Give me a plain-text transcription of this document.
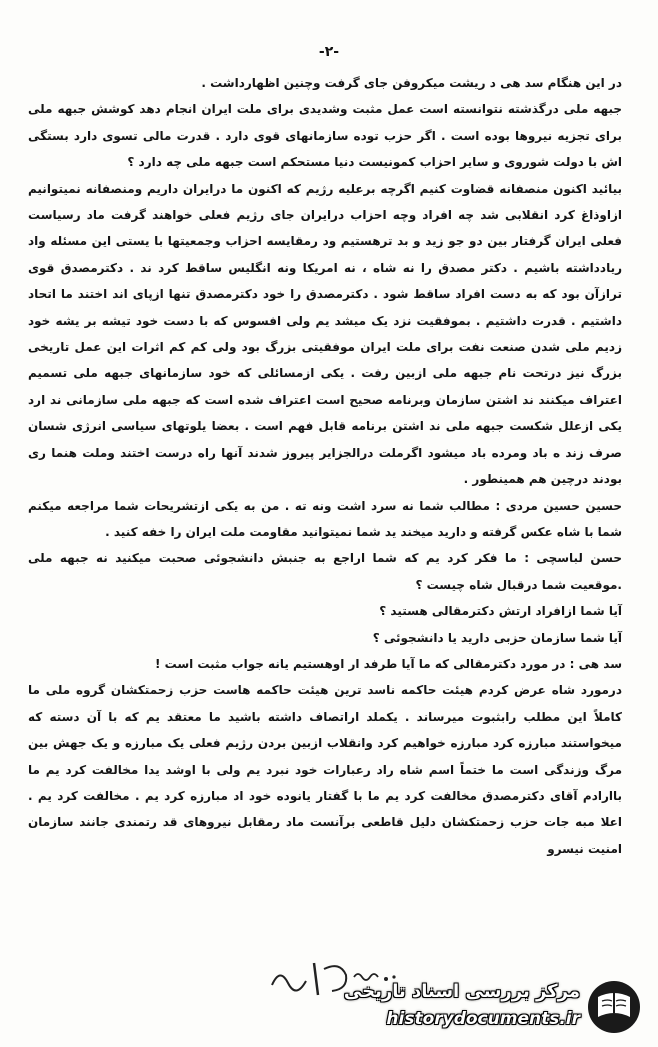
-۲-

در این هنگام سد هی د ریشت میکروفن جای گرفت وچنین اظهارداشت .

جبهه ملی درگذشته نتوانسته است عمل مثبت وشدیدی برای ملت ایران انجام دهد کوشش جبهه ملی برای تجزیه نیروها بوده است . اگر حزب توده سازمانهای قوی دارد . قدرت مالی تسوی دارد بستگی اش با دولت شوروی و سایر احزاب کمونیست دنیا مستحکم است جبهه ملی چه دارد ؟

بیائید اکنون منصفانه قضاوت کنیم اگرچه برعلیه رژیم که اکنون ما درایران داریم ومنصفانه نمیتوانیم ازاوذاغ کرد انقلابی شد چه افراد وچه احزاب درایران جای رژیم فعلی خواهند گرفت ماد رسیاست فعلی ایران گرفتار بین دو جو زید و بد ترهستیم ود رمقایسه احزاب وجمعیتها با یستی این مسئله واد ریادداشته باشیم . دکتر مصدق را نه شاه ، نه امریکا ونه انگلیس ساقط کرد ند . دکترمصدق قوی ترازآن بود که به دست افراد ساقط شود . دکترمصدق را خود دکترمصدق تنها ازپای اند اختند ما اتحاد داشتیم . قدرت داشتیم . بموفقیت نزد یک میشد یم ولی افسوس که با دست خود تیشه بر یشه خود زدیم ملی شدن صنعت نفت برای ملت ایران موفقیتی بزرگ بود ولی کم کم اثرات این عمل تاریخی بزرگ نیز درتحت نام جبهه ملی ازبین رفت . یکی ازمسائلی که خود سازمانهای جبهه ملی تسمیم اعتراف میکنند ند اشتن سازمان وبرنامه صحیح است اعتراف شده است که جبهه ملی سازمانی ند ارد یکی ازعلل شکست جبهه ملی ند اشتن برنامه قابل فهم است . بعضا یلوتهای سیاسی انرژی شسان صرف زند ه باد ومرده باد میشود اگرملت درالجزایر پیروز شدند آنها راه درست اختند وملت هنما ری بودند درچین هم همینطور .

حسین حسین مردی : مطالب شما نه سرد اشت ونه ته . من به یکی ازتشریحات شما مراجعه میکنم شما با شاه عکس گرفته و دارید میخند ید شما نمیتوانید مقاومت ملت ایران را خفه کنید .

حسن لباسچی : ما فکر کرد یم که شما اراجع به جنبش دانشجوئی صحبت میکنید نه جبهه ملی .موقعیت شما درقبال شاه چیست ؟

آیا شما ازافراد ارتش دکترمقالی هستید ؟

آیا شما سازمان حزبی دارید یا دانشجوئی ؟

سد هی : در مورد دکترمقالی که ما آیا طرفد ار اوهستیم یانه جواب مثبت است !

درمورد شاه عرض کردم هیئت حاکمه ناسد ترین هیئت حاکمه هاست حزب زحمتکشان گروه ملی ما کاملاً این مطلب رابثبوت میرساند . یکملد اراتصاف داشته باشید ما معتقد یم که با آن دسته که میخواستند مبارزه کرد مبارزه خواهیم کرد وانقلاب ازبین بردن رژیم فعلی یک مبارزه و یک جهش بین مرگ وزندگی است ما ختماً اسم شاه راد رعبارات خود نبرد یم ولی با اوشد یدا مخالفت کرد یم ما باارادم آقای دکترمصدق مخالفت کرد یم ما با گفتار یانوده خود اد مبارزه کرد یم . مخالفت کرد یم . اعلا مبه جات حزب زحمتکشان دلیل قاطعی برآنست ماد رمقابل نیروهای قد رتمندی جانند سازمان امنیت نیسرو

مرکز بررسی اسناد تاریخی
historydocuments.ir
